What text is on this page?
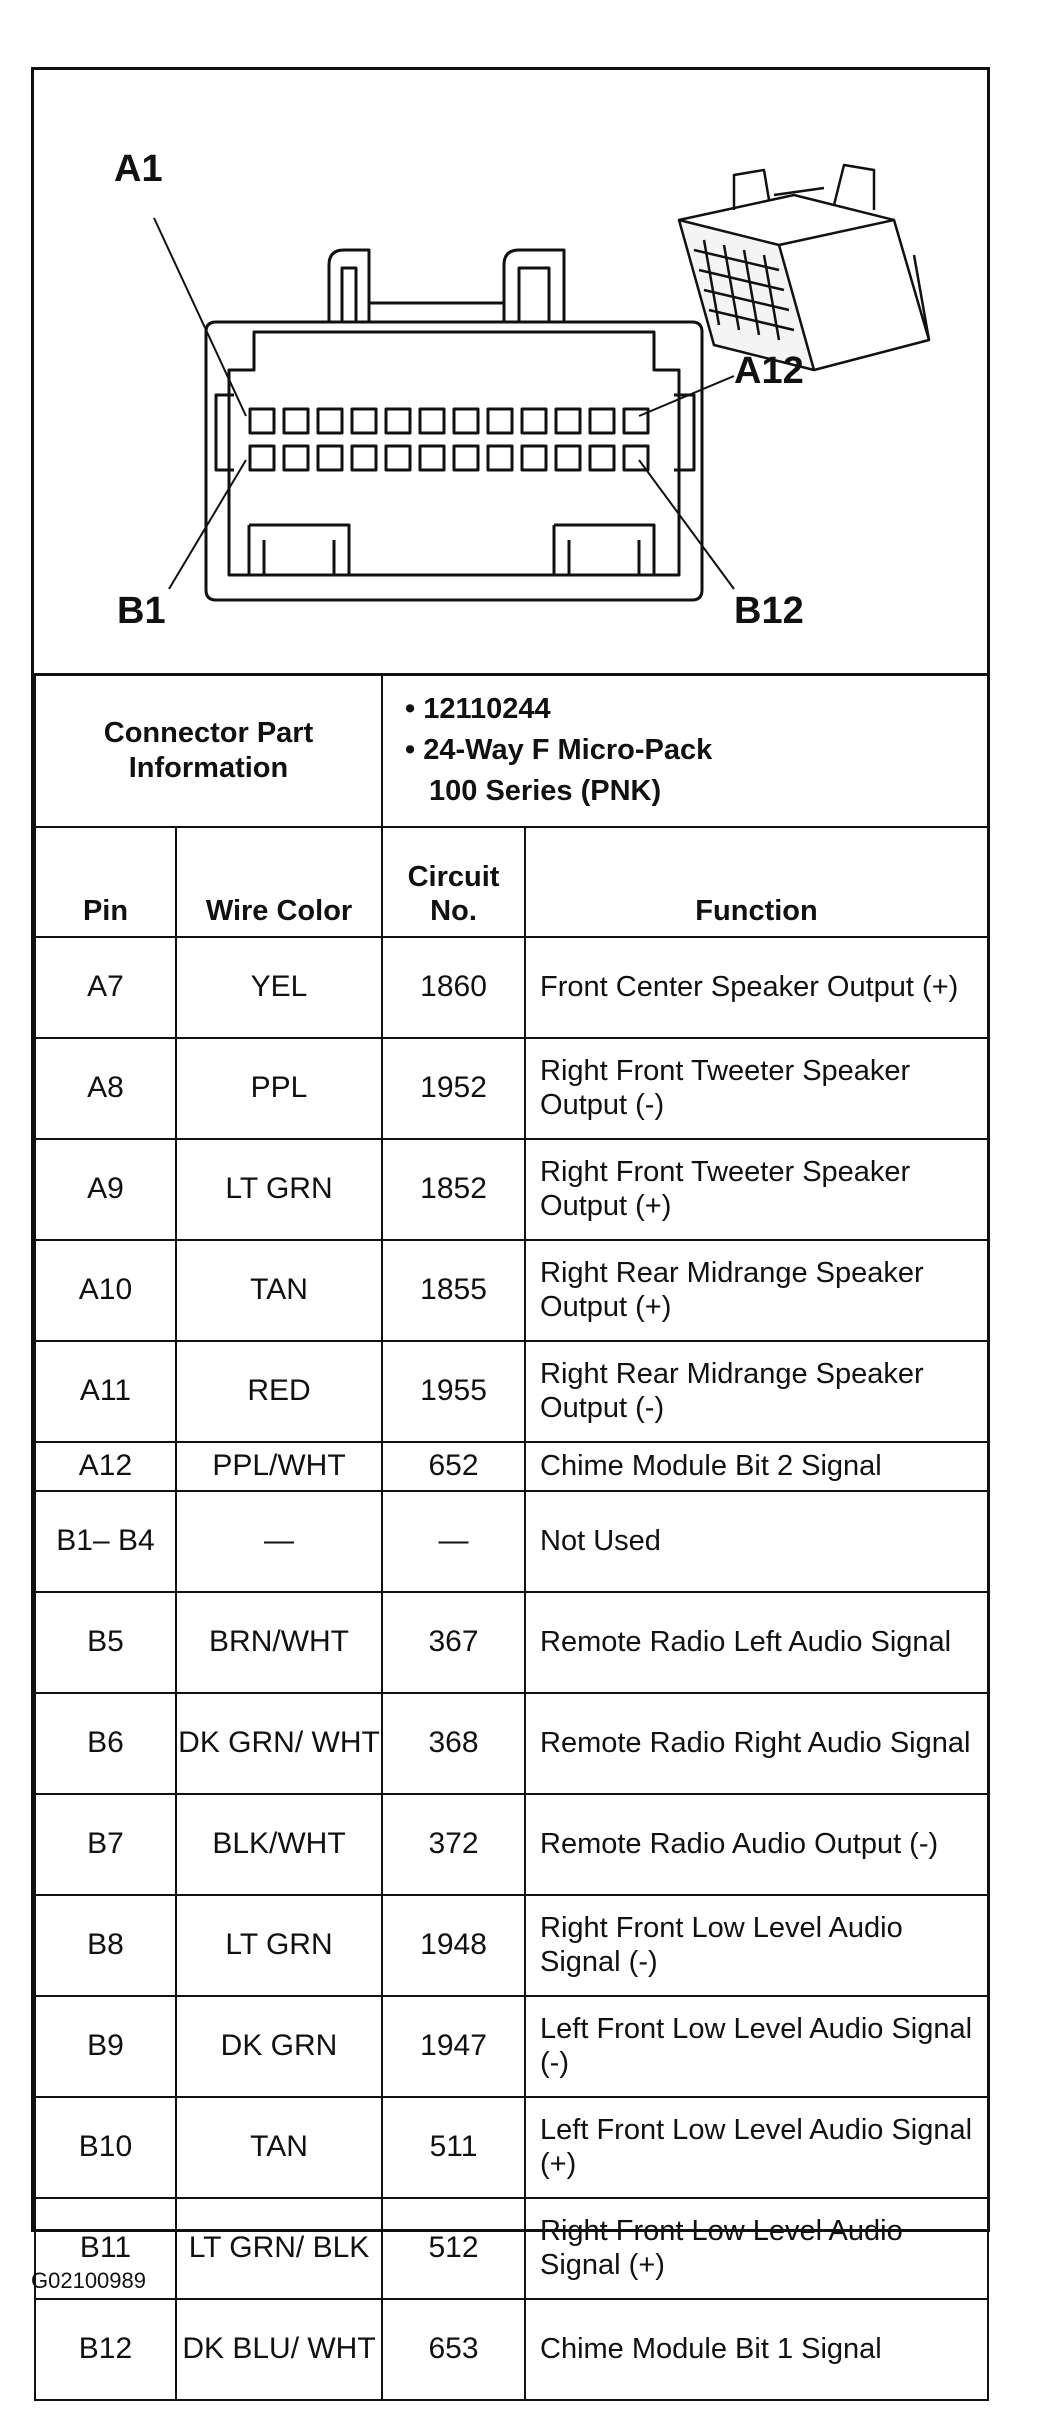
A1
A12
B1	B12
Connector Part Information		• 12110244
• 24-Way F Micro-Pack
100 Series (PNK)	

Pin	Wire Color	Circuit No.	Function
A7	YEL	1860	Front Center Speaker Output (+)
A8	PPL	1952	Right Front Tweeter Speaker Output (-)
A9	LT GRN	1852	Right Front Tweeter Speaker Output (+)
A10	TAN	1855	Right Rear Midrange Speaker Output (+)
A11	RED	1955	Right Rear Midrange Speaker Output (-)
A12	PPL/WHT	652	Chime Module Bit 2 Signal
B1– B4	—	—	Not Used
B5	BRN/WHT	367	Remote Radio Left Audio Signal
B6	DK GRN/ WHT	368	Remote Radio Right Audio Signal
B7	BLK/WHT	372	Remote Radio Audio Output (-)
B8	LT GRN	1948	Right Front Low Level Audio Signal (-)
B9	DK GRN	1947	Left Front Low Level Audio Signal (-)
B10	TAN	511	Left Front Low Level Audio Signal (+)
B11	LT GRN/ BLK	512	Right Front Low Level Audio Signal (+)
B12	DK BLU/ WHT	653	Chime Module Bit 1 Signal
G02100989
